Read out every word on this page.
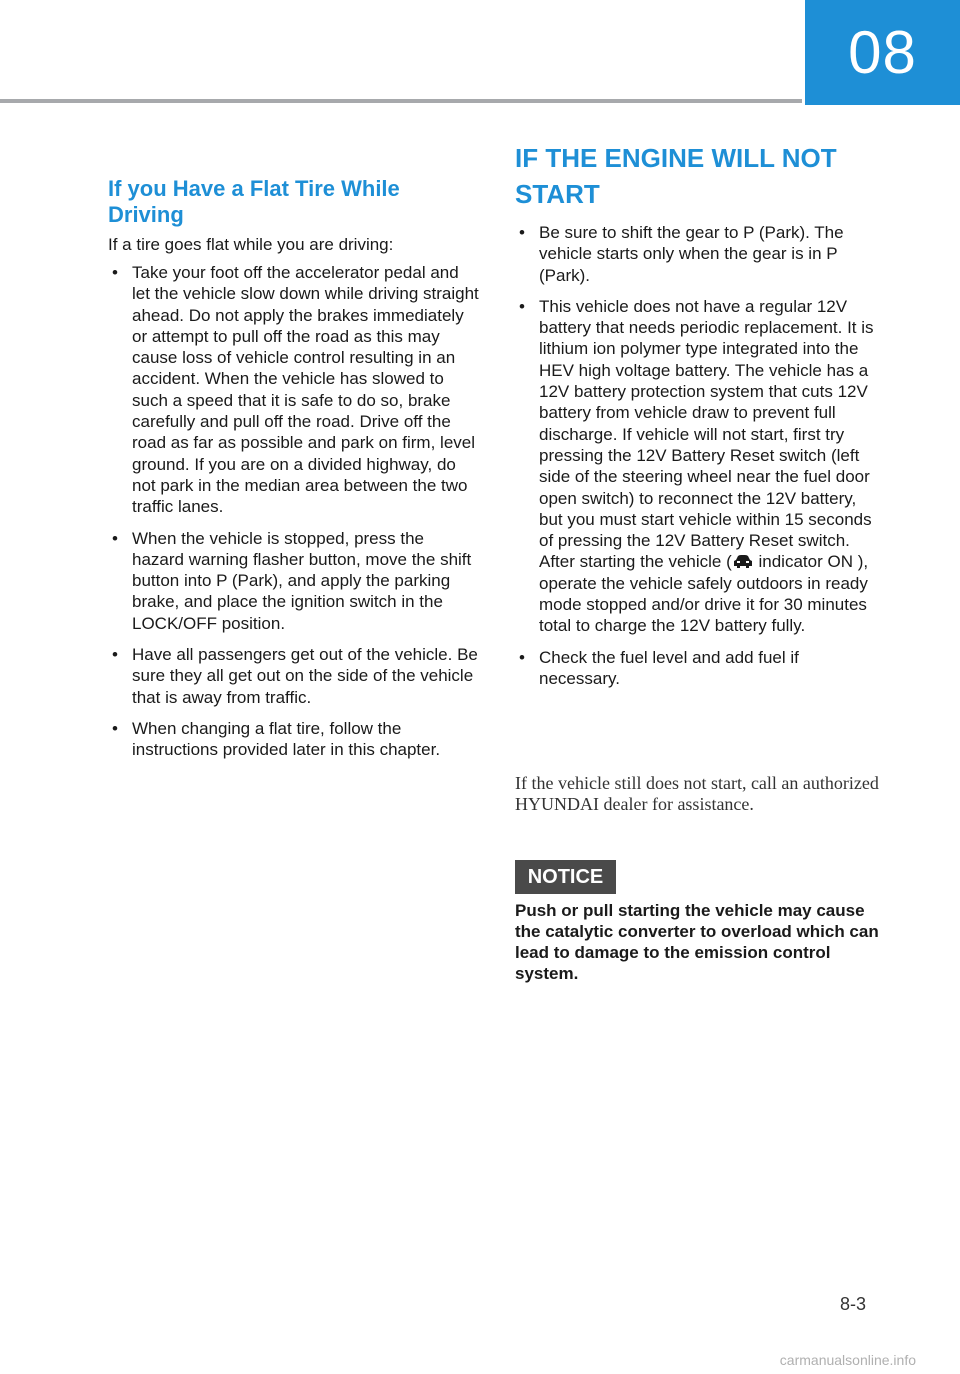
08
If you Have a Flat Tire While Driving

If a tire goes flat while you are driving:

• Take your foot off the accelerator pedal and let the vehicle slow down while driving straight ahead. Do not apply the brakes immediately or attempt to pull off the road as this may cause loss of vehicle control resulting in an accident. When the vehicle has slowed to such a speed that it is safe to do so, brake carefully and pull off the road. Drive off the road as far as possible and park on firm, level ground. If you are on a divided highway, do not park in the median area between the two traffic lanes.
• When the vehicle is stopped, press the hazard warning flasher button, move the shift button into P (Park), and apply the parking brake, and place the ignition switch in the LOCK/OFF position.
• Have all passengers get out of the vehicle. Be sure they all get out on the side of the vehicle that is away from traffic.
• When changing a flat tire, follow the instructions provided later in this chapter.
IF THE ENGINE WILL NOT START
• Be sure to shift the gear to P (Park). The vehicle starts only when the gear is in P (Park).
• This vehicle does not have a regular 12V battery that needs periodic replacement. It is lithium ion polymer type integrated into the HEV high voltage battery. The vehicle has a 12V battery protection system that cuts 12V battery from vehicle draw to prevent full discharge. If vehicle will not start, first try pressing the 12V Battery Reset switch (left side of the steering wheel near the fuel door open switch) to reconnect the 12V battery, but you must start vehicle within 15 seconds of pressing the 12V Battery Reset switch. After starting the vehicle ( indicator ON ), operate the vehicle safely outdoors in ready mode stopped and/or drive it for 30 minutes total to charge the 12V battery fully.
• Check the fuel level and add fuel if necessary.

If the vehicle still does not start, call an authorized HYUNDAI dealer for assistance.

NOTICE

Push or pull starting the vehicle may cause the catalytic converter to overload which can lead to damage to the emission control system.

8-3
carmanualsonline.info
